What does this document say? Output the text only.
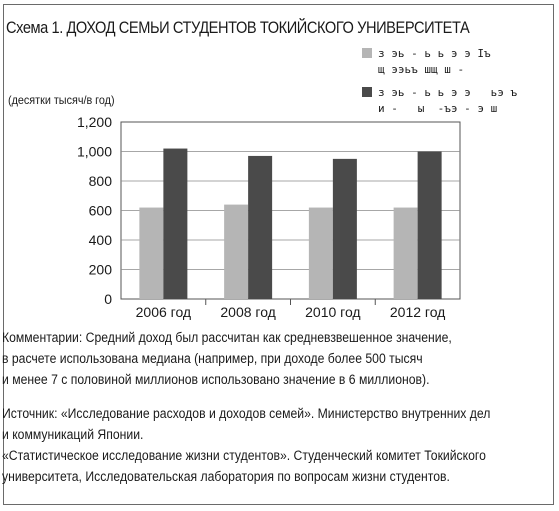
Схема 1. ДОХОД СЕМЬИ СТУДЕНТОВ ТОКИЙСКОГО УНИВЕРСИТЕТА
(десятки тысяч/в год)
з эь - ь ь э э Iъ
щ ээьъ шщ ш -
з эь - ь ь э э   ьэ ъ
и -   ы  -ъэ - э ш
0
200
400
600
800
1,000
1,200
2006 год 2008 год 2010 год 2012 год

Комментарии: Средний доход был рассчитан как средневзвешенное значение,
в расчете использована медиана (например, при доходе более 500 тысяч
и менее 7 с половиной миллионов использовано значение в 6 миллионов).

Источник: «Исследование расходов и доходов семей». Министерство внутренних дел
и коммуникаций Японии.

«Статистическое исследование жизни студентов». Студенческий комитет Токийского
университета, Исследовательская лаборатория по вопросам жизни студентов.
